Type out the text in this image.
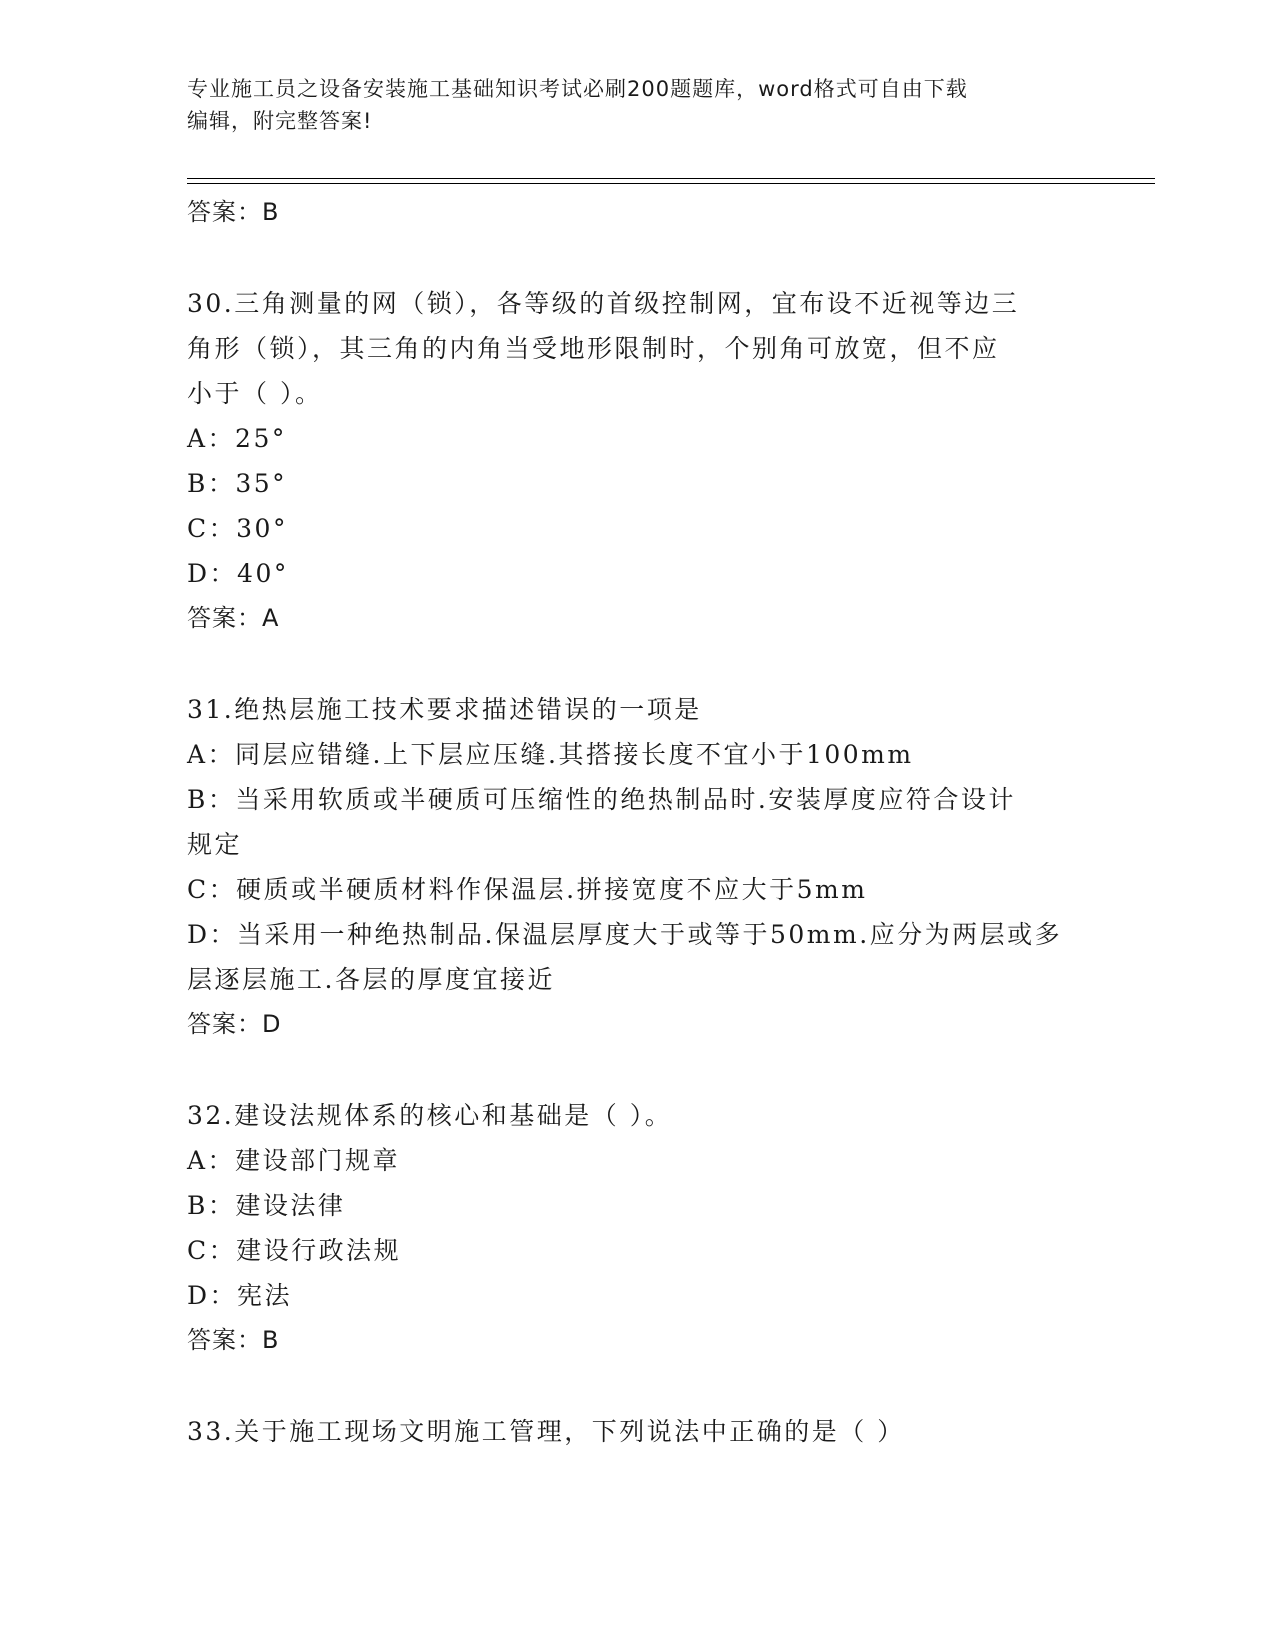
专业施工员之设备安装施工基础知识考试必刷200题题库，word格式可自由下载
编辑，附完整答案!

答案：B

30.三角测量的网（锁），各等级的首级控制网，宜布设不近视等边三

角形（锁），其三角的内角当受地形限制时，个别角可放宽，但不应

小于（ ）。

A：25°

B：35°

C：30°

D：40°

答案：A

31.绝热层施工技术要求描述错误的一项是

A：同层应错缝.上下层应压缝.其搭接长度不宜小于100mm

B：当采用软质或半硬质可压缩性的绝热制品时.安装厚度应符合设计

规定

C：硬质或半硬质材料作保温层.拼接宽度不应大于5mm

D：当采用一种绝热制品.保温层厚度大于或等于50mm.应分为两层或多

层逐层施工.各层的厚度宜接近

答案：D

32.建设法规体系的核心和基础是（ ）。

A：建设部门规章

B：建设法律

C：建设行政法规

D：宪法

答案：B

33.关于施工现场文明施工管理，下列说法中正确的是（ ）
